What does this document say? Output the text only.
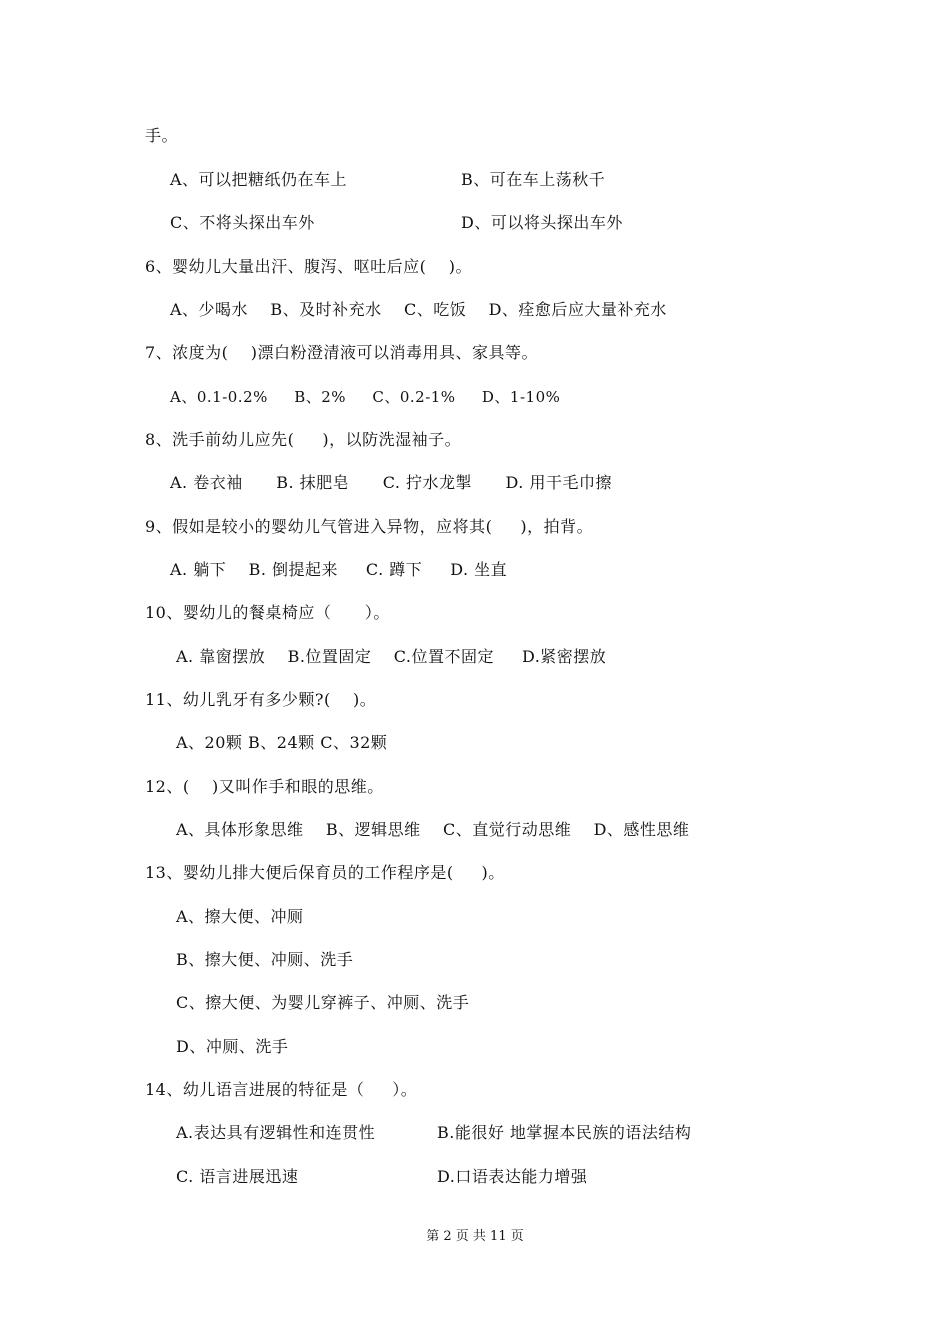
手。
A、可以把糖纸仍在车上	B、可在车上荡秋千
C、不将头探出车外	D、可以将头探出车外
6、婴幼儿大量出汗、腹泻、呕吐后应(    )。
A、少喝水    B、及时补充水    C、吃饭    D、痊愈后应大量补充水
7、浓度为(    )漂白粉澄清液可以消毒用具、家具等。
A、0.1-0.2%     B、2%     C、0.2-1%     D、1-10%
8、洗手前幼儿应先(     )，以防洗湿袖子。
A. 卷衣袖      B. 抹肥皂      C. 拧水龙掣      D. 用干毛巾擦
9、假如是较小的婴幼儿气管进入异物，应将其(     )，拍背。
A. 躺下    B. 倒提起来     C. 蹲下     D. 坐直
10、婴幼儿的餐桌椅应（      ）。
A. 靠窗摆放    B.位置固定    C.位置不固定     D.紧密摆放
11、幼儿乳牙有多少颗?(    )。
A、20颗 B、24颗 C、32颗
12、(    )又叫作手和眼的思维。
A、具体形象思维    B、逻辑思维    C、直觉行动思维    D、感性思维
13、婴幼儿排大便后保育员的工作程序是(     )。
A、擦大便、冲厕
B、擦大便、冲厕、洗手
C、擦大便、为婴儿穿裤子、冲厕、洗手
D、冲厕、洗手
14、幼儿语言进展的特征是（     ）。
A.表达具有逻辑性和连贯性	B.能很好 地掌握本民族的语法结构
C. 语言进展迅速	D.口语表达能力增强
第 2 页 共 11 页
